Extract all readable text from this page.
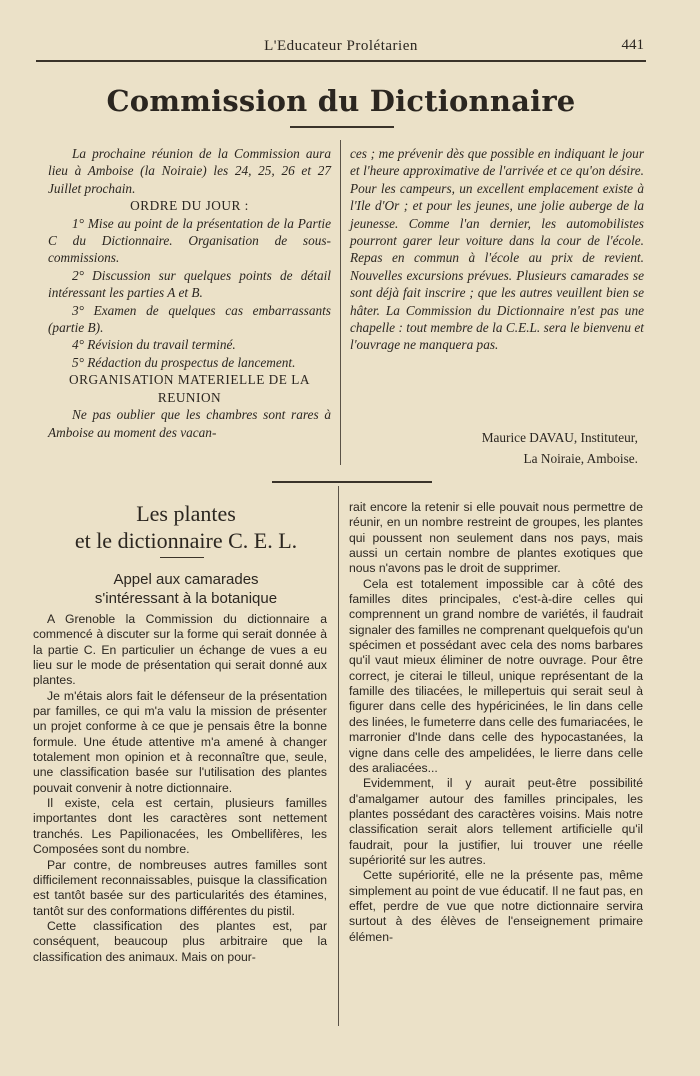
L'Educateur Prolétarien	441
Commission du Dictionnaire

La prochaine réunion de la Commission aura lieu à Amboise (la Noiraie) les 24, 25, 26 et 27 Juillet prochain.

ORDRE DU JOUR :

1° Mise au point de la présentation de la Partie C du Dictionnaire. Organisation de sous-commissions.

2° Discussion sur quelques points de détail intéressant les parties A et B.

3° Examen de quelques cas embarrassants (partie B).

4° Révision du travail terminé.

5° Rédaction du prospectus de lancement.

ORGANISATION MATERIELLE DE LA REUNION

Ne pas oublier que les chambres sont rares à Amboise au moment des vacan-

ces ; me prévenir dès que possible en indiquant le jour et l'heure approximative de l'arrivée et ce qu'on désire. Pour les campeurs, un excellent emplacement existe à l'Ile d'Or ; et pour les jeunes, une jolie auberge de la jeunesse. Comme l'an dernier, les automobilistes pourront garer leur voiture dans la cour de l'école. Repas en commun à l'école au prix de revient. Nouvelles excursions prévues. Plusieurs camarades se sont déjà fait inscrire ; que les autres veuillent bien se hâter. La Commission du Dictionnaire n'est pas une chapelle : tout membre de la C.E.L. sera le bienvenu et l'ouvrage ne manquera pas.

Maurice DAVAU, Instituteur,
La Noiraie, Amboise.
Les plantes
et le dictionnaire C. E. L.
Appel aux camarades
s'intéressant à la botanique

A Grenoble la Commission du dictionnaire a commencé à discuter sur la forme qui serait donnée à la partie C. En particulier un échange de vues a eu lieu sur le mode de présentation qui serait donné aux plantes.

Je m'étais alors fait le défenseur de la présentation par familles, ce qui m'a valu la mission de présenter un projet conforme à ce que je pensais être la bonne formule. Une étude attentive m'a amené à changer totalement mon opinion et à reconnaître que, seule, une classification basée sur l'utilisation des plantes pouvait convenir à notre dictionnaire.

Il existe, cela est certain, plusieurs familles importantes dont les caractères sont nettement tranchés. Les Papilionacées, les Ombellifères, les Composées sont du nombre.

Par contre, de nombreuses autres familles sont difficilement reconnaissables, puisque la classification est tantôt basée sur des particularités des étamines, tantôt sur des conformations différentes du pistil.

Cette classification des plantes est, par conséquent, beaucoup plus arbitraire que la classification des animaux. Mais on pour-

rait encore la retenir si elle pouvait nous permettre de réunir, en un nombre restreint de groupes, les plantes qui poussent non seulement dans nos pays, mais aussi un certain nombre de plantes exotiques que nous n'avons pas le droit de supprimer.

Cela est totalement impossible car à côté des familles dites principales, c'est-à-dire celles qui comprennent un grand nombre de variétés, il faudrait signaler des familles ne comprenant quelquefois qu'un spécimen et possédant avec cela des noms barbares qu'il vaut mieux éliminer de notre ouvrage. Pour être correct, je citerai le tilleul, unique représentant de la famille des tiliacées, le millepertuis qui serait seul à figurer dans celle des hypéricinées, le lin dans celle des linées, le fumeterre dans celle des fumariacées, le marronier d'Inde dans celle des hypocastanées, la vigne dans celle des ampelidées, le lierre dans celle des araliacées...

Evidemment, il y aurait peut-être possibilité d'amalgamer autour des familles principales, les plantes possédant des caractères voisins. Mais notre classification serait alors tellement artificielle qu'il faudrait, pour la justifier, lui trouver une réelle supériorité sur les autres.

Cette supériorité, elle ne la présente pas, même simplement au point de vue éducatif. Il ne faut pas, en effet, perdre de vue que notre dictionnaire servira surtout à des élèves de l'enseignement primaire élémen-
